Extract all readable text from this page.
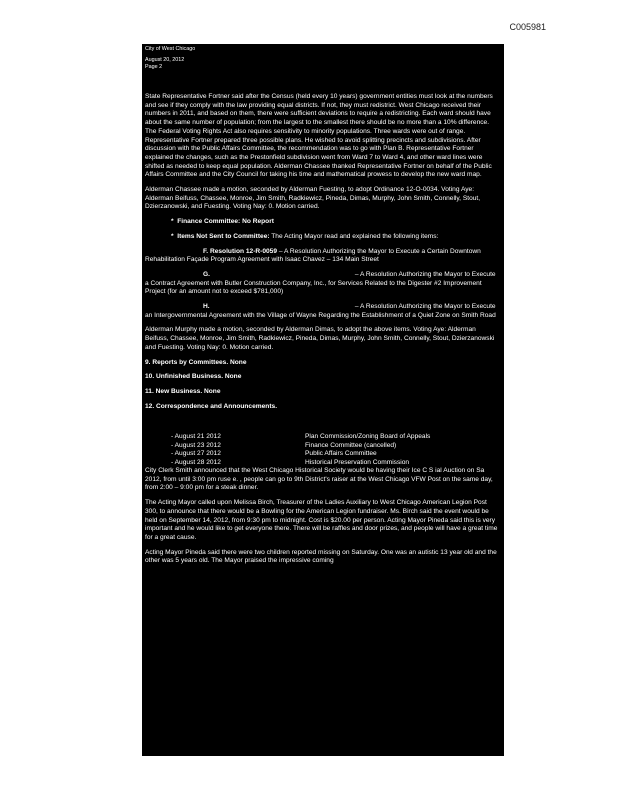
C005981

City of West Chicago

August 20, 2012

Page 2

State Representative Fortner said after the Census (held every 10 years) government entities must look at the numbers and see if they comply with the law providing equal districts. If not, they must redistrict. West Chicago received their numbers in 2011, and based on them, there were sufficient deviations to require a redistricting. Each ward should have about the same number of population; from the largest to the smallest there should be no more than a 10% difference. The Federal Voting Rights Act also requires sensitivity to minority populations. Three wards were out of range. Representative Fortner prepared three possible plans. He wished to avoid splitting precincts and subdivisions. After discussion with the Public Affairs Committee, the recommendation was to go with Plan B. Representative Fortner explained the changes, such as the Prestonfield subdivision went from Ward 7 to Ward 4, and other ward lines were shifted as needed to keep equal population. Alderman Chassee thanked Representative Fortner on behalf of the Public Affairs Committee and the City Council for taking his time and mathematical prowess to develop the new ward map.

Alderman Chassee made a motion, seconded by Alderman Fuesting, to adopt Ordinance 12-O-0034. Voting Aye: Alderman Beifuss, Chassee, Monroe, Jim Smith, Radkiewicz, Pineda, Dimas, Murphy, John Smith, Connelly, Stout, Dzierzanowski, and Fuesting. Voting Nay: 0. Motion carried.

*  Finance Committee: No Report

*  Items Not Sent to Committee: The Acting Mayor read and explained the following items:

F. Resolution 12-R-0059 – A Resolution Authorizing the Mayor to Execute a Certain Downtown Rehabilitation Façade Program Agreement with Isaac Chavez – 134 Main Street

G.	– A Resolution Authorizing the Mayor to Execute a Contract Agreement with Butler Construction Company, Inc., for Services Related to the Digester #2 Improvement Project (for an amount not to exceed $781,000)

H.	– A Resolution Authorizing the Mayor to Execute an Intergovernmental Agreement with the Village of Wayne Regarding the Establishment of a Quiet Zone on Smith Road

Alderman Murphy made a motion, seconded by Alderman Dimas, to adopt the above items. Voting Aye: Alderman Beifuss, Chassee, Monroe, Jim Smith, Radkiewicz, Pineda, Dimas, Murphy, John Smith, Connelly, Stout, Dzierzanowski and Fuesting. Voting Nay: 0. Motion carried.

9. Reports by Committees. None

10. Unfinished Business. None

11. New Business. None

12. Correspondence and Announcements.

- August 21 2012	Plan Commission/Zoning Board of Appeals
- August 23 2012	Finance Committee (cancelled)
- August 27 2012	Public Affairs Committee
- August 28 2012	Historical Preservation Commission

City Clerk Smith announced that the West Chicago Historical Society would be having their Ice C S ial Auction on Sa 2012, from until 3:00 pm ruse e. , people can go to 9th District's raiser at the West Chicago VFW Post on the same day, from 2:00 – 9:00 pm for a steak dinner.

The Acting Mayor called upon Melissa Birch, Treasurer of the Ladies Auxiliary to West Chicago American Legion Post 300, to announce that there would be a Bowling for the American Legion fundraiser. Ms. Birch said the event would be held on September 14, 2012, from 9:30 pm to midnight. Cost is $20.00 per person. Acting Mayor Pineda said this is very important and he would like to get everyone there. There will be raffles and door prizes, and people will have a great time for a great cause.

Acting Mayor Pineda said there were two children reported missing on Saturday. One was an autistic 13 year old and the other was 5 years old. The Mayor praised the impressive coming
